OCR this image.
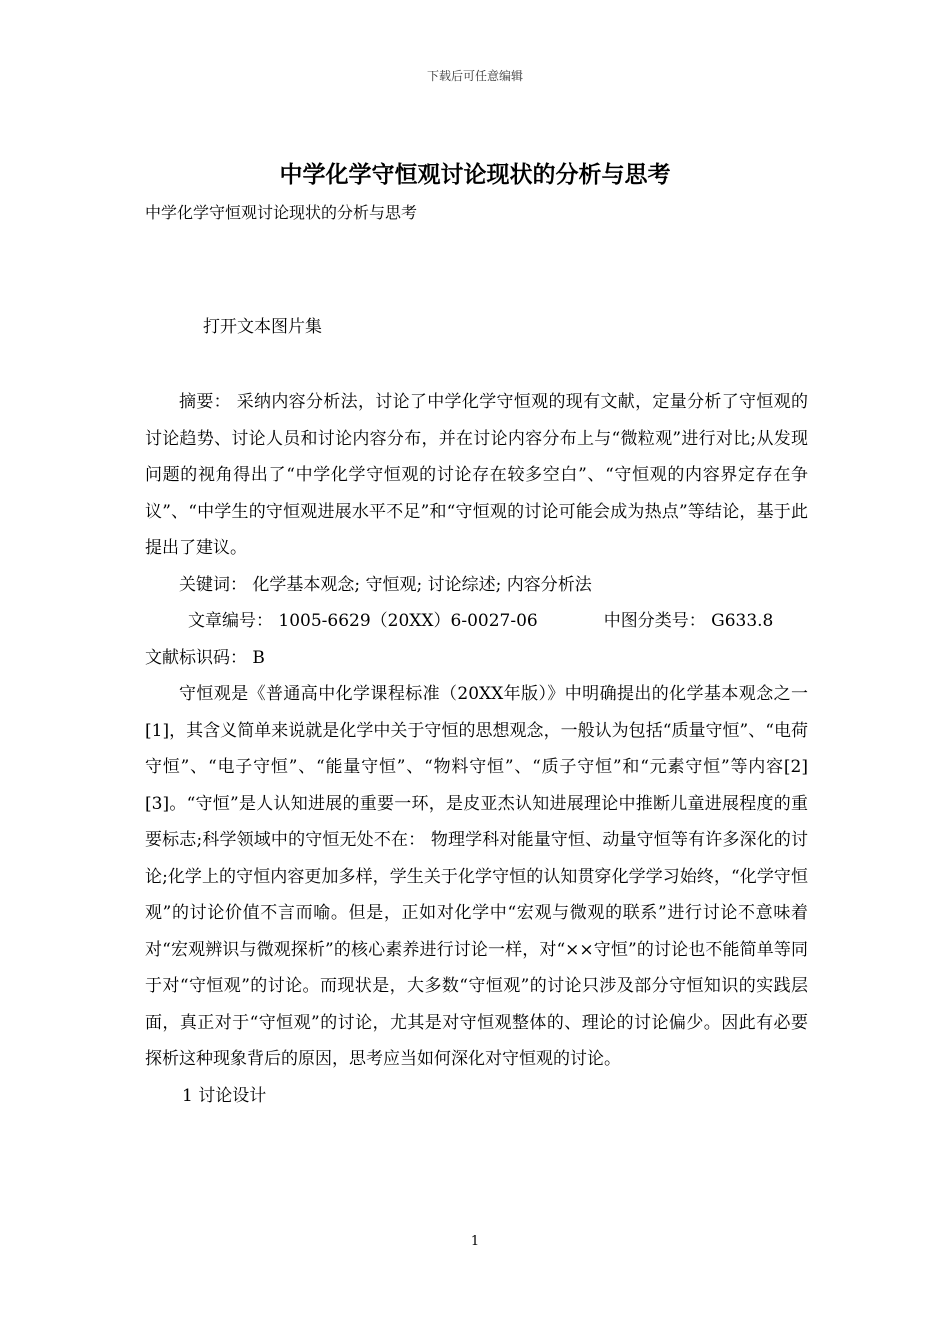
下载后可任意编辑
中学化学守恒观讨论现状的分析与思考
中学化学守恒观讨论现状的分析与思考
打开文本图片集

摘要： 采纳内容分析法，讨论了中学化学守恒观的现有文献，定量分析了守恒观的讨论趋势、讨论人员和讨论内容分布，并在讨论内容分布上与“微粒观”进行对比;从发现问题的视角得出了“中学化学守恒观的讨论存在较多空白”、“守恒观的内容界定存在争议”、“中学生的守恒观进展水平不足”和“守恒观的讨论可能会成为热点”等结论，基于此提出了建议。

关键词： 化学基本观念; 守恒观; 讨论综述; 内容分析法

文章编号： 1005-6629（20XX）6-0027-06	中图分类号： G633.8

文献标识码： B

守恒观是《普通高中化学课程标准（20XX年版）》中明确提出的化学基本观念之一[1]，其含义简单来说就是化学中关于守恒的思想观念，一般认为包括“质量守恒”、“电荷守恒”、“电子守恒”、“能量守恒”、“物料守恒”、“质子守恒”和“元素守恒”等内容[2][3]。“守恒”是人认知进展的重要一环，是皮亚杰认知进展理论中推断儿童进展程度的重要标志;科学领域中的守恒无处不在： 物理学科对能量守恒、动量守恒等有许多深化的讨论;化学上的守恒内容更加多样，学生关于化学守恒的认知贯穿化学学习始终，“化学守恒观”的讨论价值不言而喻。但是，正如对化学中“宏观与微观的联系”进行讨论不意味着对“宏观辨识与微观探析”的核心素养进行讨论一样，对“××守恒”的讨论也不能简单等同于对“守恒观”的讨论。而现状是，大多数“守恒观”的讨论只涉及部分守恒知识的实践层面，真正对于“守恒观”的讨论，尤其是对守恒观整体的、理论的讨论偏少。因此有必要探析这种现象背后的原因，思考应当如何深化对守恒观的讨论。

1 讨论设计

1
